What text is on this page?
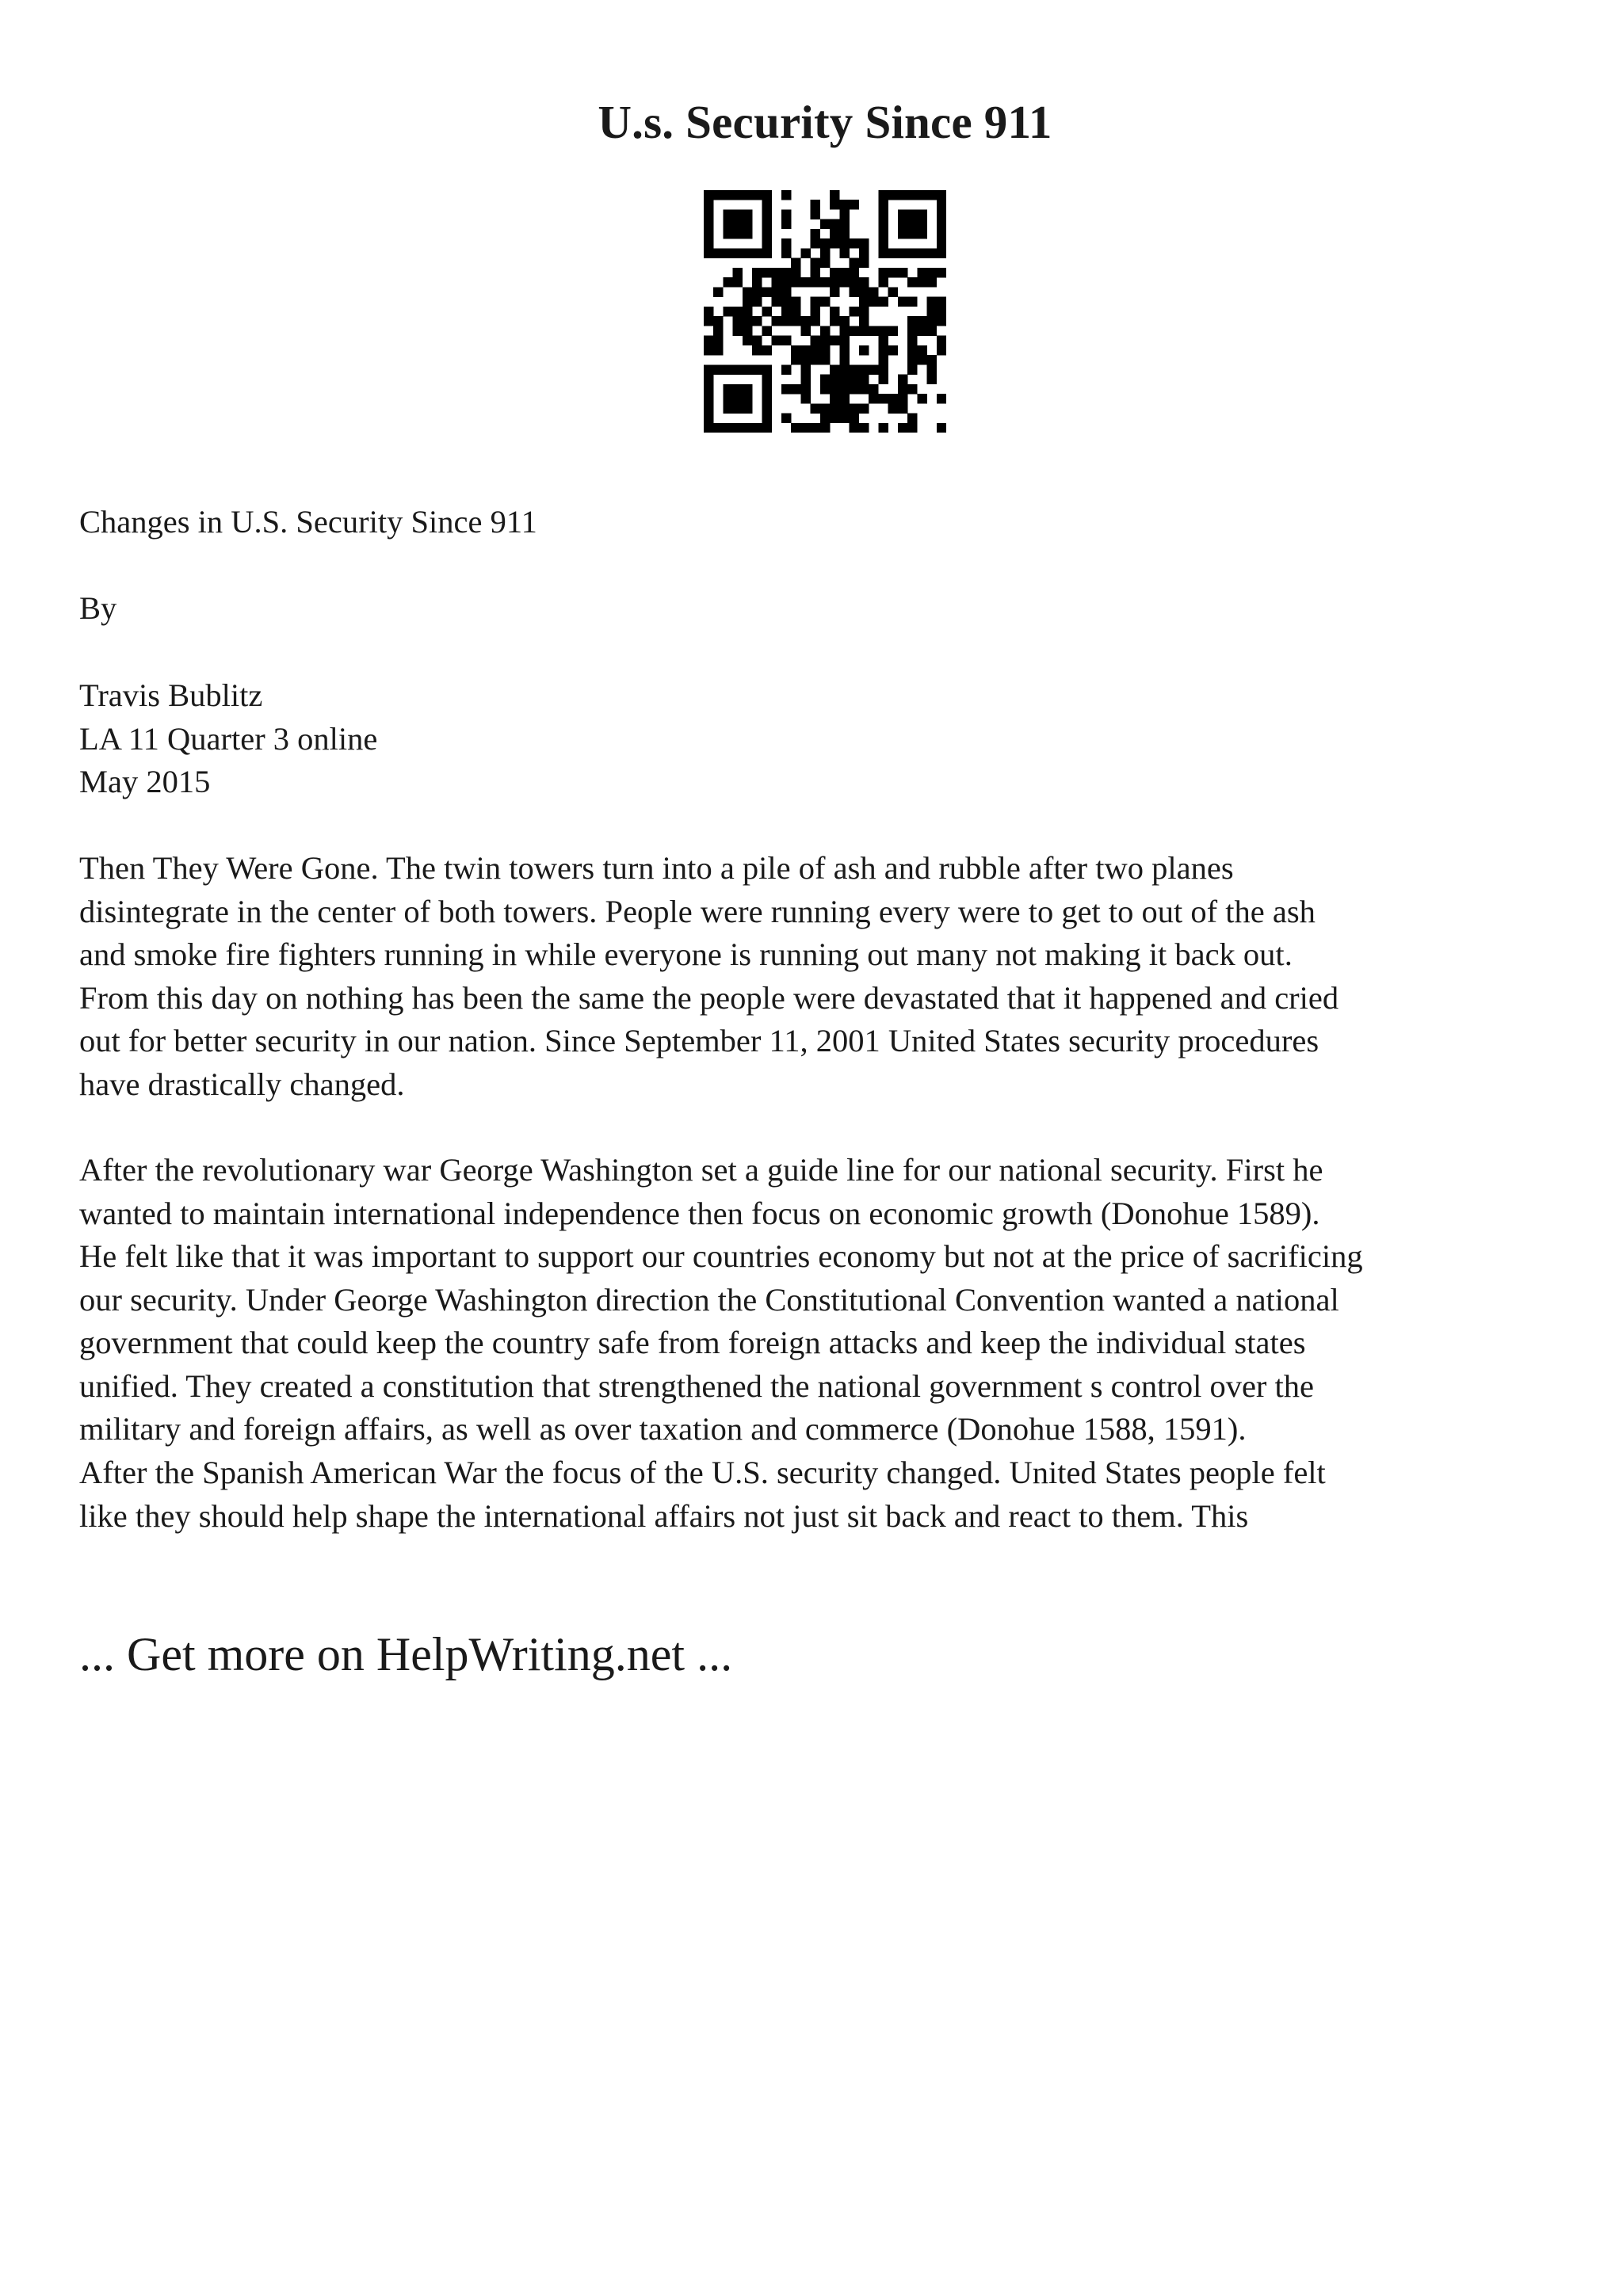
U.s. Security Since 911

Changes in U.S. Security Since 911

By

Travis Bublitz
LA 11 Quarter 3 online
May 2015

Then They Were Gone. The twin towers turn into a pile of ash and rubble after two planes
disintegrate in the center of both towers. People were running every were to get to out of the ash
and smoke fire fighters running in while everyone is running out many not making it back out.
From this day on nothing has been the same the people were devastated that it happened and cried
out for better security in our nation. Since September 11, 2001 United States security procedures
have drastically changed.

After the revolutionary war George Washington set a guide line for our national security. First he
wanted to maintain international independence then focus on economic growth (Donohue 1589).
He felt like that it was important to support our countries economy but not at the price of sacrificing
our security. Under George Washington direction the Constitutional Convention wanted a national
government that could keep the country safe from foreign attacks and keep the individual states
unified. They created a constitution that strengthened the national government s control over the
military and foreign affairs, as well as over taxation and commerce (Donohue 1588, 1591).

After the Spanish American War the focus of the U.S. security changed. United States people felt
like they should help shape the international affairs not just sit back and react to them. This

... Get more on HelpWriting.net ...
